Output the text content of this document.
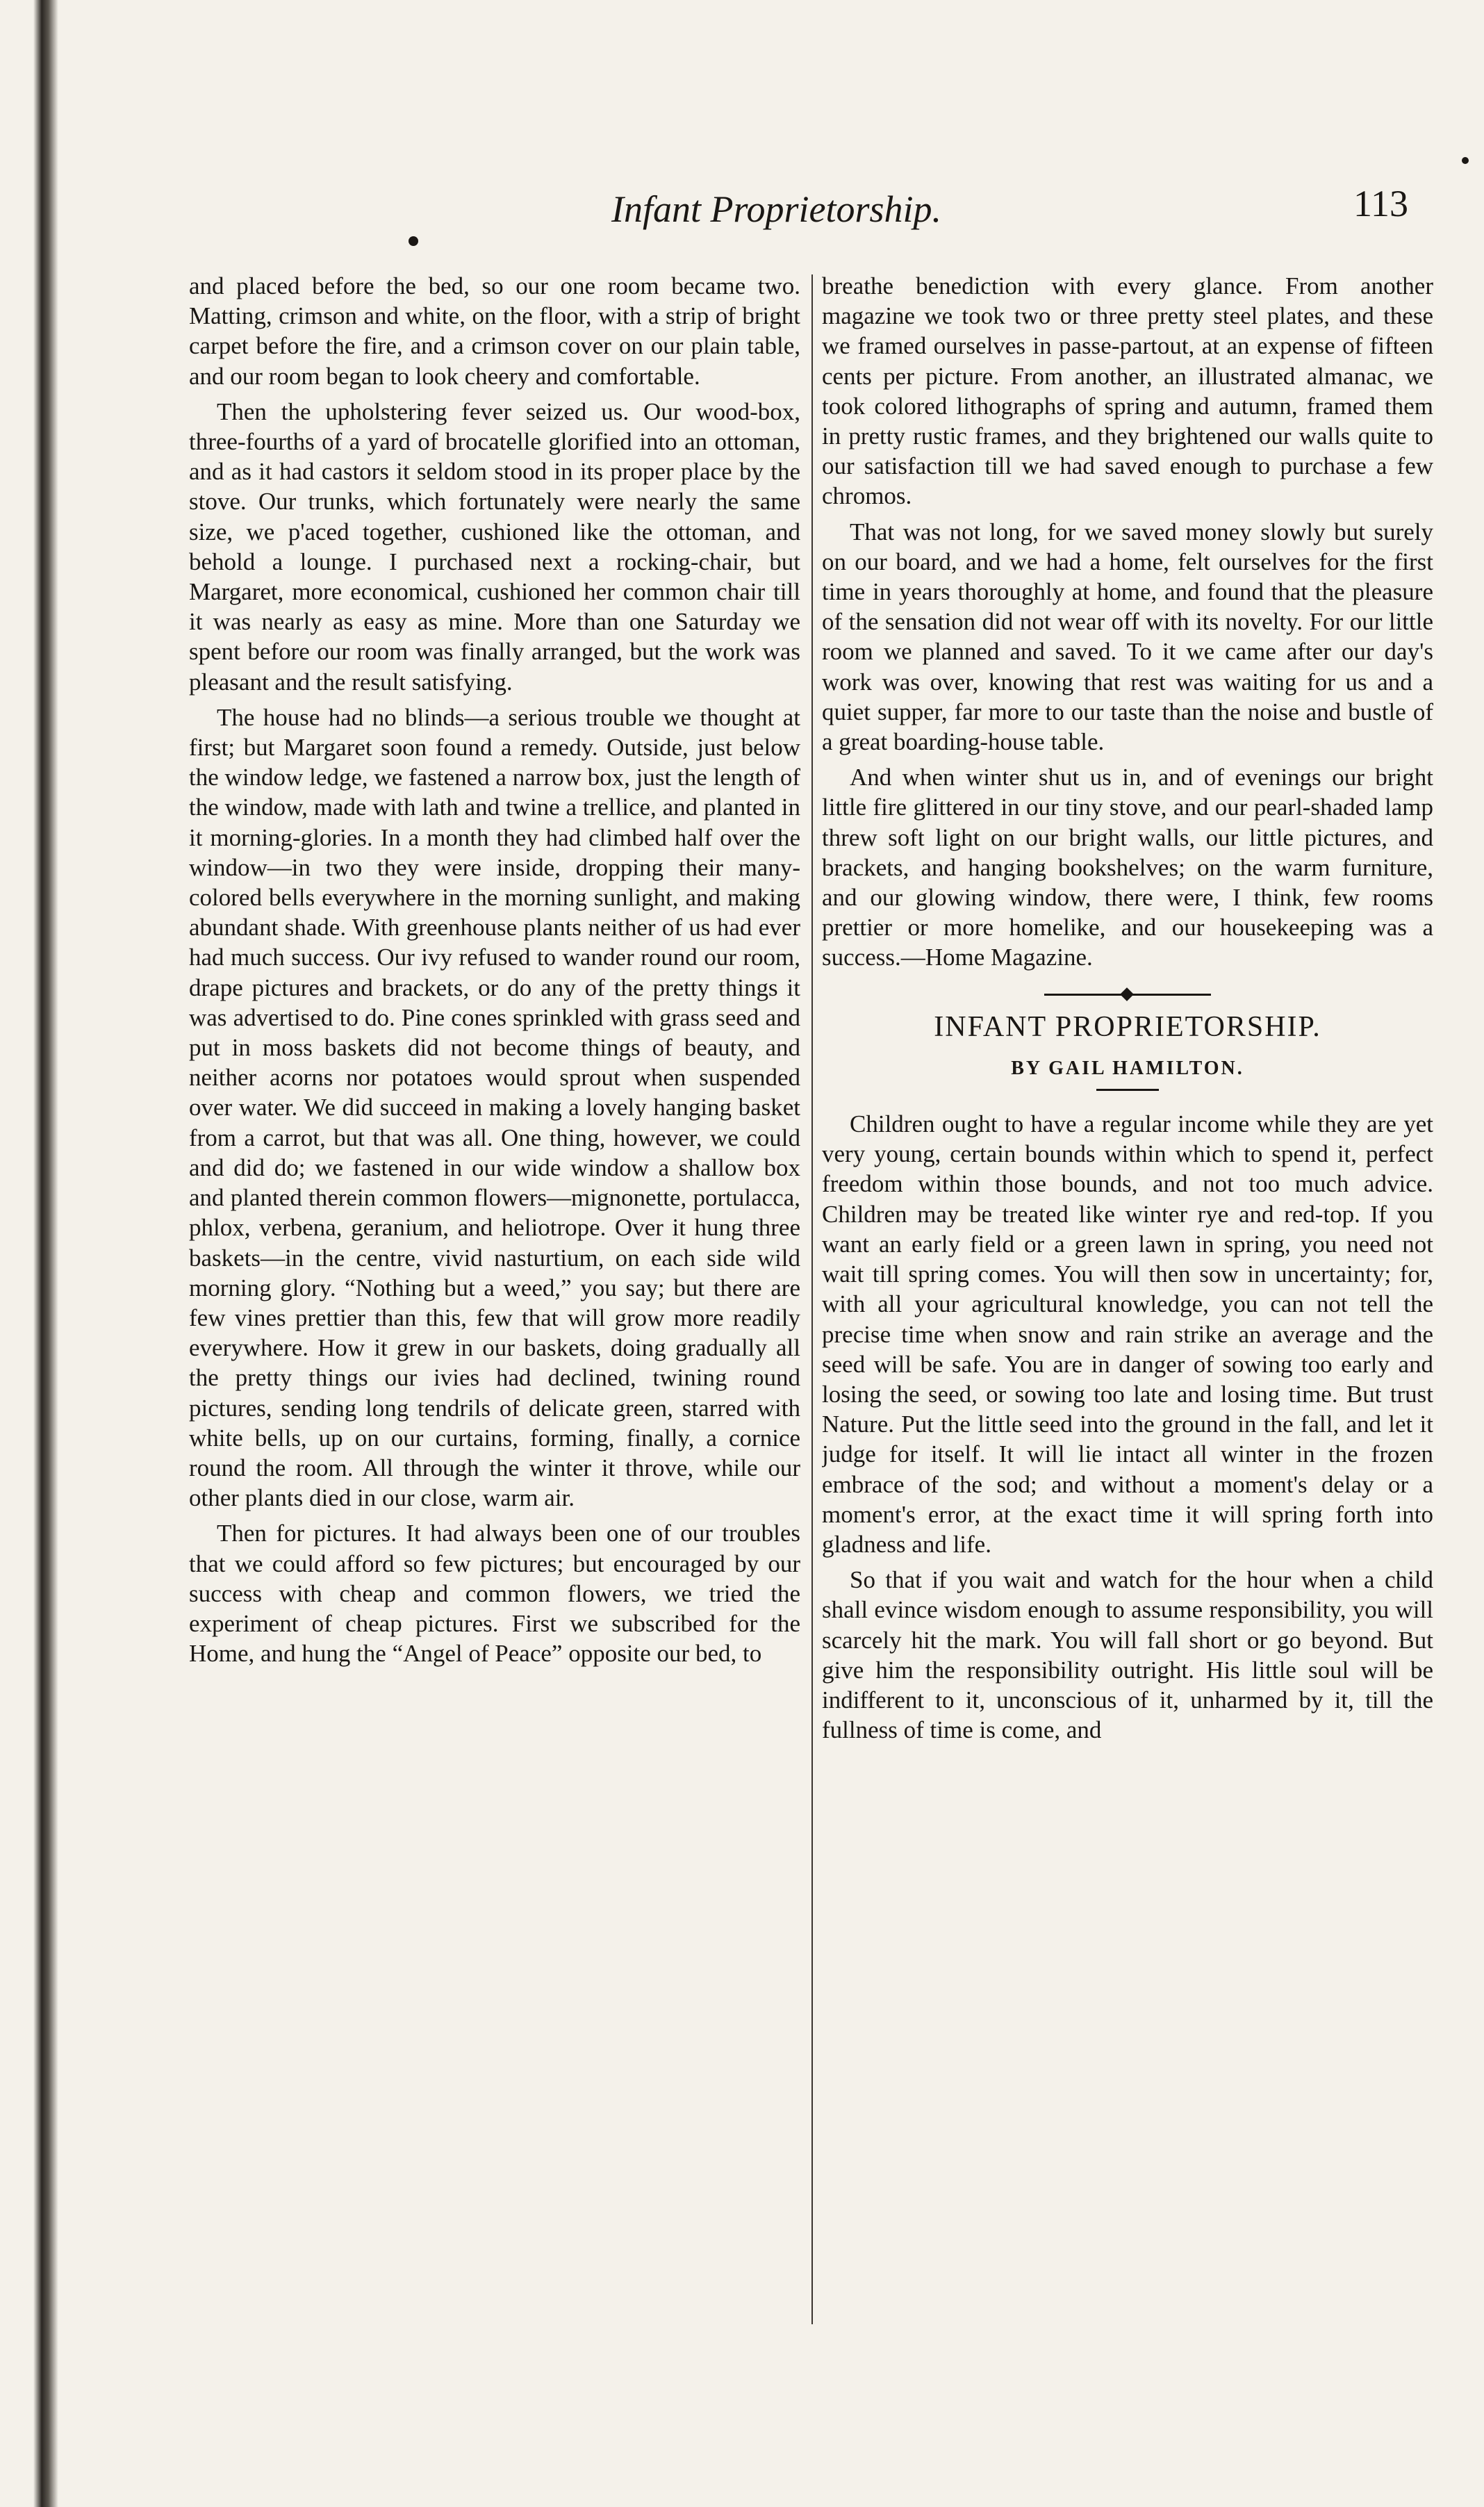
Infant Proprietorship.	113

and placed before the bed, so our one room became two. Matting, crimson and white, on the floor, with a strip of bright carpet before the fire, and a crimson cover on our plain table, and our room began to look cheery and comfortable.

Then the upholstering fever seized us. Our wood-box, three-fourths of a yard of brocatelle glorified into an ottoman, and as it had castors it seldom stood in its proper place by the stove. Our trunks, which fortunately were nearly the same size, we p'aced together, cushioned like the ottoman, and behold a lounge. I purchased next a rocking-chair, but Margaret, more economical, cushioned her common chair till it was nearly as easy as mine. More than one Saturday we spent before our room was finally arranged, but the work was pleasant and the result satisfying.

The house had no blinds—a serious trouble we thought at first; but Margaret soon found a remedy. Outside, just below the window ledge, we fastened a narrow box, just the length of the window, made with lath and twine a trellice, and planted in it morning-glories. In a month they had climbed half over the window—in two they were inside, dropping their many-colored bells everywhere in the morning sunlight, and making abundant shade. With greenhouse plants neither of us had ever had much success. Our ivy refused to wander round our room, drape pictures and brackets, or do any of the pretty things it was advertised to do. Pine cones sprinkled with grass seed and put in moss baskets did not become things of beauty, and neither acorns nor potatoes would sprout when suspended over water. We did succeed in making a lovely hanging basket from a carrot, but that was all. One thing, however, we could and did do; we fastened in our wide window a shallow box and planted therein common flowers—mignonette, portulacca, phlox, verbena, geranium, and heliotrope. Over it hung three baskets—in the centre, vivid nasturtium, on each side wild morning glory. “Nothing but a weed,” you say; but there are few vines prettier than this, few that will grow more readily everywhere. How it grew in our baskets, doing gradually all the pretty things our ivies had declined, twining round pictures, sending long tendrils of delicate green, starred with white bells, up on our curtains, forming, finally, a cornice round the room. All through the winter it throve, while our other plants died in our close, warm air.

Then for pictures. It had always been one of our troubles that we could afford so few pictures; but encouraged by our success with cheap and common flowers, we tried the experiment of cheap pictures. First we subscribed for the Home, and hung the “Angel of Peace” opposite our bed, to

breathe benediction with every glance. From another magazine we took two or three pretty steel plates, and these we framed ourselves in passe-partout, at an expense of fifteen cents per picture. From another, an illustrated almanac, we took colored lithographs of spring and autumn, framed them in pretty rustic frames, and they brightened our walls quite to our satisfaction till we had saved enough to purchase a few chromos.

That was not long, for we saved money slowly but surely on our board, and we had a home, felt ourselves for the first time in years thoroughly at home, and found that the pleasure of the sensation did not wear off with its novelty. For our little room we planned and saved. To it we came after our day's work was over, knowing that rest was waiting for us and a quiet supper, far more to our taste than the noise and bustle of a great boarding-house table.

And when winter shut us in, and of evenings our bright little fire glittered in our tiny stove, and our pearl-shaded lamp threw soft light on our bright walls, our little pictures, and brackets, and hanging bookshelves; on the warm furniture, and our glowing window, there were, I think, few rooms prettier or more homelike, and our housekeeping was a success.—Home Magazine.

INFANT PROPRIETORSHIP.
BY GAIL HAMILTON.

Children ought to have a regular income while they are yet very young, certain bounds within which to spend it, perfect freedom within those bounds, and not too much advice. Children may be treated like winter rye and red-top. If you want an early field or a green lawn in spring, you need not wait till spring comes. You will then sow in uncertainty; for, with all your agricultural knowledge, you can not tell the precise time when snow and rain strike an average and the seed will be safe. You are in danger of sowing too early and losing the seed, or sowing too late and losing time. But trust Nature. Put the little seed into the ground in the fall, and let it judge for itself. It will lie intact all winter in the frozen embrace of the sod; and without a moment's delay or a moment's error, at the exact time it will spring forth into gladness and life.

So that if you wait and watch for the hour when a child shall evince wisdom enough to assume responsibility, you will scarcely hit the mark. You will fall short or go beyond. But give him the responsibility outright. His little soul will be indifferent to it, unconscious of it, unharmed by it, till the fullness of time is come, and
